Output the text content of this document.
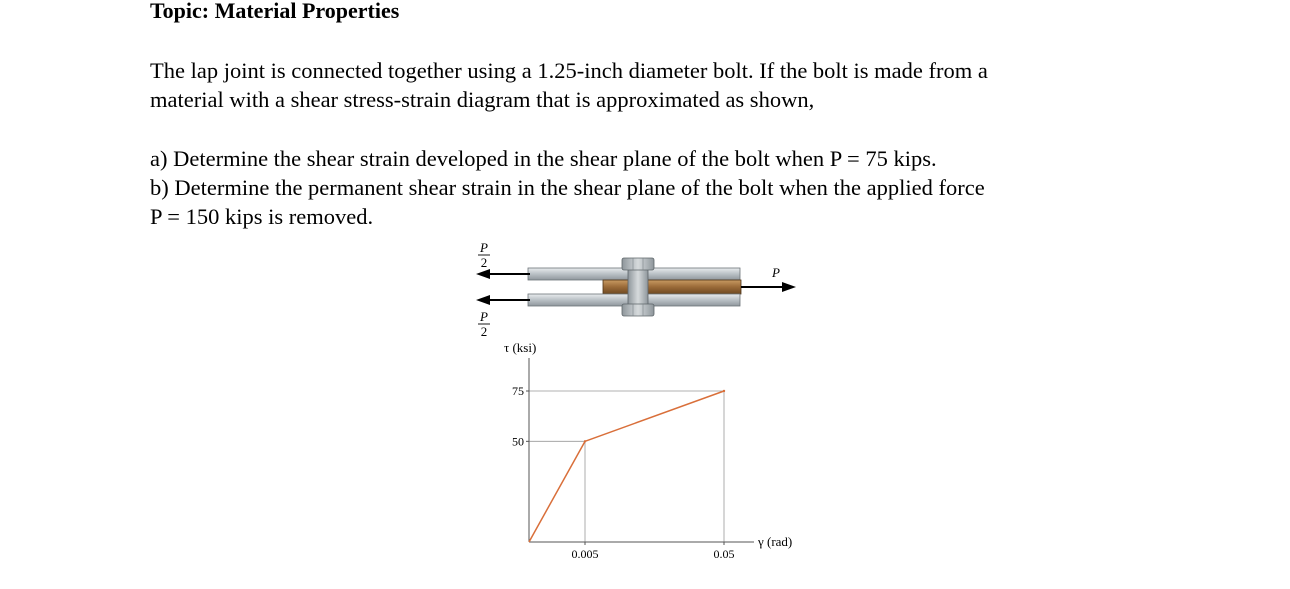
Topic: Material Properties
The lap joint is connected together using a 1.25-inch diameter bolt. If the bolt is made from a
material with a shear stress-strain diagram that is approximated as shown,
a) Determine the shear strain developed in the shear plane of the bolt when P = 75 kips.
b) Determine the permanent shear strain in the shear plane of the bolt when the applied force
P = 150 kips is removed.
P
2
P
2
P
50
75
0.005	0.05
τ (ksi)
γ (rad)
